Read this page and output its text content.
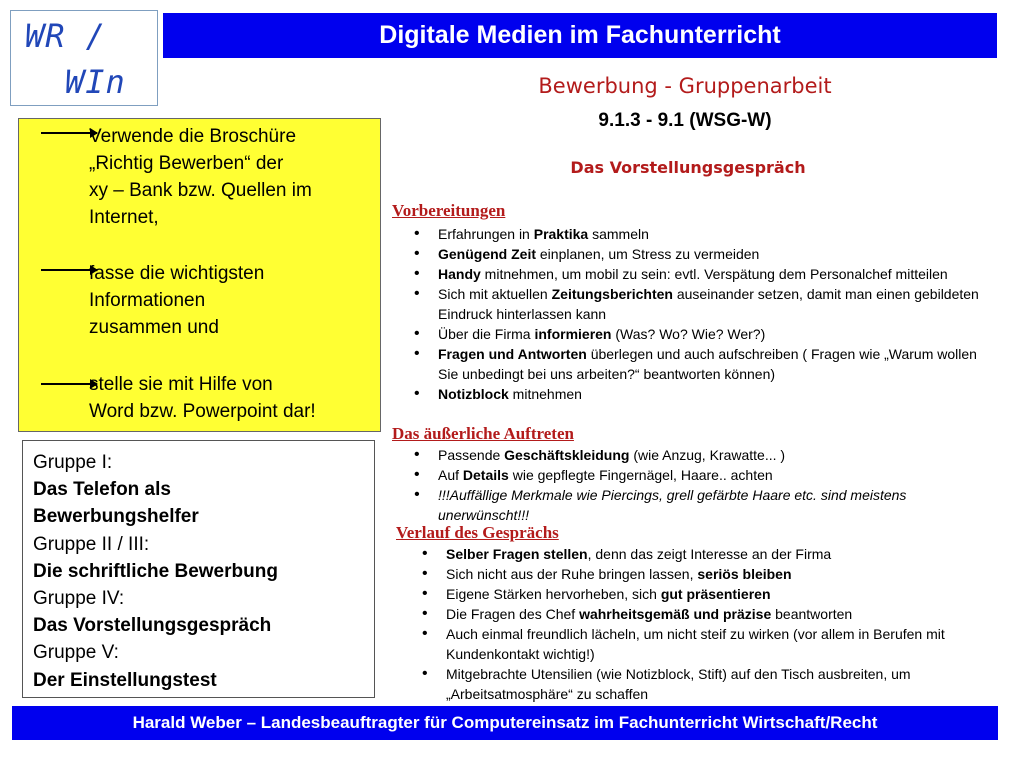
WR /
WIn
Digitale Medien im Fachunterricht
Bewerbung - Gruppenarbeit
9.1.3 - 9.1 (WSG-W)
Verwende die Broschüre
„Richtig Bewerben“ der
xy – Bank bzw. Quellen im
Internet,
fasse die wichtigsten
Informationen
zusammen und
stelle sie mit Hilfe von
Word bzw. Powerpoint dar!
Gruppe I:
Das Telefon als
Bewerbungshelfer
Gruppe II / III:
Die schriftliche Bewerbung
Gruppe IV:
Das Vorstellungsgespräch
Gruppe V:
Der Einstellungstest
Das Vorstellungsgespräch
Vorbereitungen
• Erfahrungen in Praktika sammeln
• Genügend Zeit einplanen, um Stress zu vermeiden
• Handy mitnehmen, um mobil zu sein: evtl. Verspätung dem Personalchef mitteilen
• Sich mit aktuellen Zeitungsberichten auseinander setzen, damit man einen gebildeten Eindruck hinterlassen kann
• Über die Firma informieren (Was? Wo? Wie? Wer?)
• Fragen und Antworten überlegen und auch aufschreiben ( Fragen wie „Warum wollen Sie unbedingt bei uns arbeiten?“ beantworten können)
• Notizblock mitnehmen
Das äußerliche Auftreten
• Passende Geschäftskleidung (wie Anzug, Krawatte... )
• Auf Details wie gepflegte Fingernägel, Haare.. achten
• !!!Auffällige Merkmale wie Piercings, grell gefärbte Haare etc. sind meistens unerwünscht!!!
Verlauf des Gesprächs
• Selber Fragen stellen, denn das zeigt Interesse an der Firma
• Sich nicht aus der Ruhe bringen lassen, seriös bleiben
• Eigene Stärken hervorheben, sich gut präsentieren
• Die Fragen des Chef wahrheitsgemäß und präzise beantworten
• Auch einmal freundlich lächeln, um nicht steif zu wirken (vor allem in Berufen mit Kundenkontakt wichtig!)
• Mitgebrachte Utensilien (wie Notizblock, Stift) auf den Tisch ausbreiten, um „Arbeitsatmosphäre“ zu schaffen
Harald Weber – Landesbeauftragter für Computereinsatz im Fachunterricht Wirtschaft/Recht
